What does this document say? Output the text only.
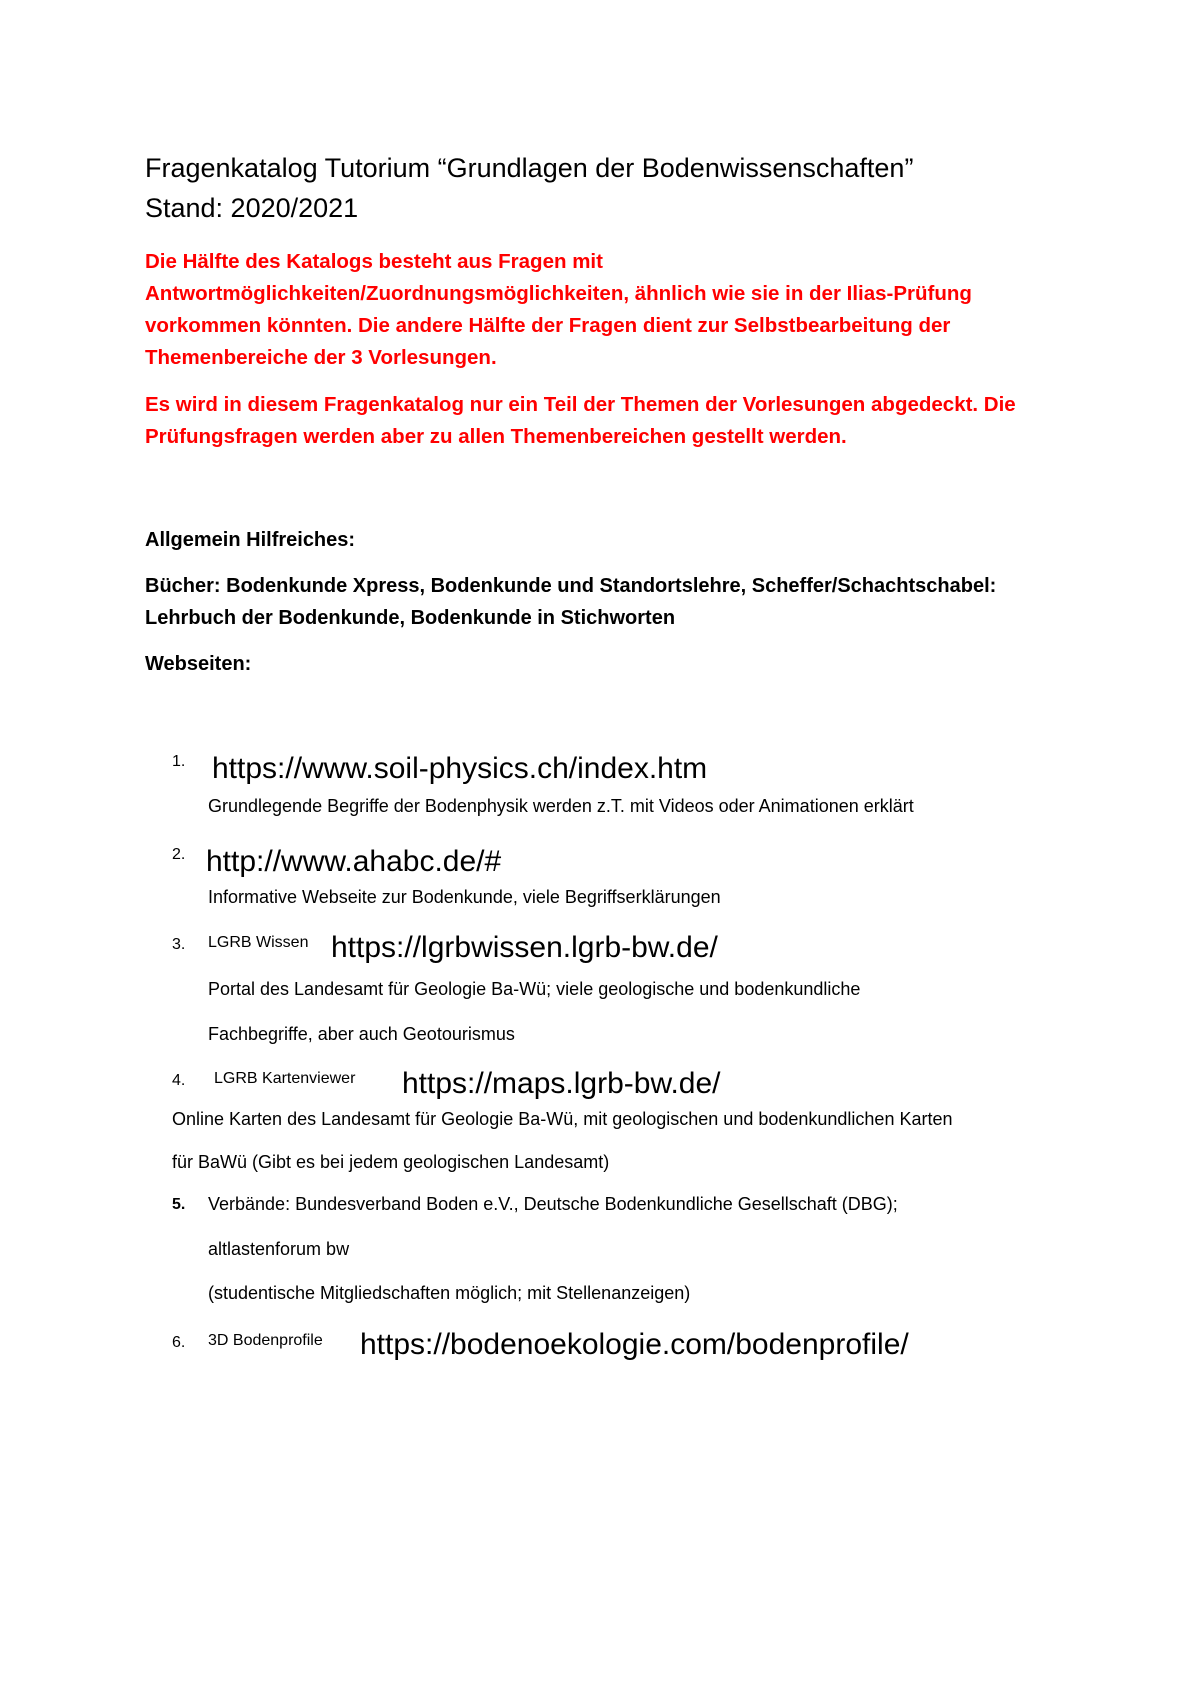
Fragenkatalog Tutorium “Grundlagen der Bodenwissenschaften”
Stand: 2020/2021
Die Hälfte des Katalogs besteht aus Fragen mit
Antwortmöglichkeiten/Zuordnungsmöglichkeiten, ähnlich wie sie in der Ilias-Prüfung
vorkommen könnten. Die andere Hälfte der Fragen dient zur Selbstbearbeitung der
Themenbereiche der 3 Vorlesungen.
Es wird in diesem Fragenkatalog nur ein Teil der Themen der Vorlesungen abgedeckt. Die
Prüfungsfragen werden aber zu allen Themenbereichen gestellt werden.
Allgemein Hilfreiches:
Bücher: Bodenkunde Xpress, Bodenkunde und Standortslehre, Scheffer/Schachtschabel:
Lehrbuch der Bodenkunde, Bodenkunde in Stichworten
Webseiten:
1. https://www.soil-physics.ch/index.htm
Grundlegende Begriffe der Bodenphysik werden z.T. mit Videos oder Animationen erklärt
2. http://www.ahabc.de/#
Informative Webseite zur Bodenkunde, viele Begriffserklärungen
3. LGRB Wissen https://lgrbwissen.lgrb-bw.de/
Portal des Landesamt für Geologie Ba-Wü; viele geologische und bodenkundliche
Fachbegriffe, aber auch Geotourismus
4. LGRB Kartenviewer https://maps.lgrb-bw.de/
Online Karten des Landesamt für Geologie Ba-Wü, mit geologischen und bodenkundlichen Karten
für BaWü (Gibt es bei jedem geologischen Landesamt)
5. Verbände: Bundesverband Boden e.V., Deutsche Bodenkundliche Gesellschaft (DBG);
altlastenforum bw
(studentische Mitgliedschaften möglich; mit Stellenanzeigen)
6. 3D Bodenprofile https://bodenoekologie.com/bodenprofile/
